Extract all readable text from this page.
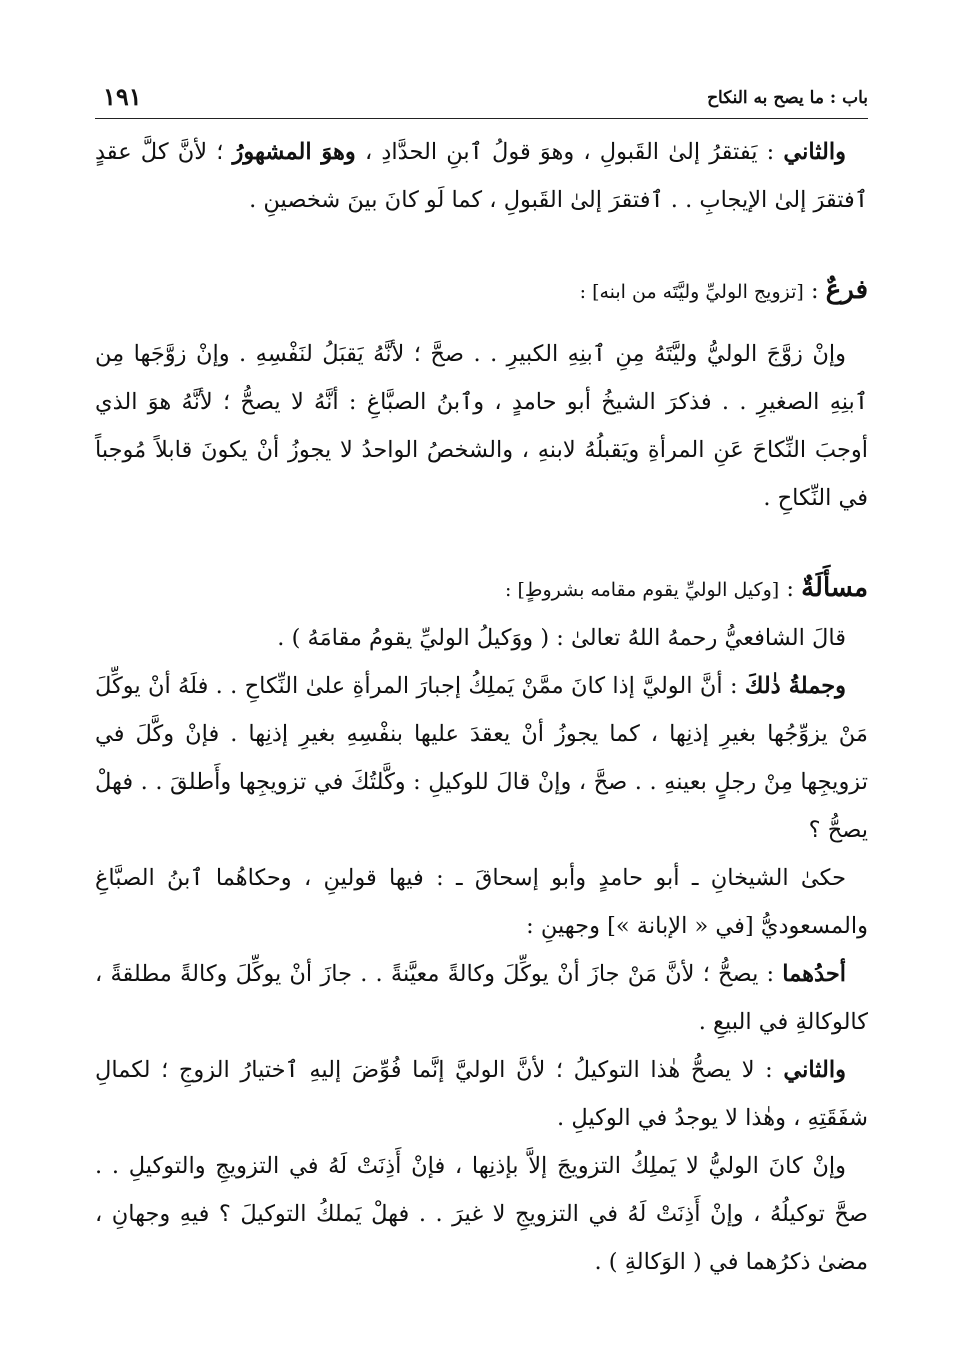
باب : ما يصح به النكاح
١٩١

والثاني : يَفتقرُ إلىٰ القَبولِ ، وهوَ قولُ ٱبنِ الحدَّادِ ، وهوَ المشهورُ ؛ لأنَّ كلَّ عقدٍ ٱفتقرَ إلىٰ الإيجابِ . . ٱفتقرَ إلىٰ القَبولِ ، كما لَو كانَ بينَ شخصينِ .

فرعٌ : [تزويج الوليِّ وليَّتَه من ابنه] :

وإنْ زوَّجَ الوليُّ وليَّتَهُ مِنِ ٱبنِهِ الكبيرِ . . صحَّ ؛ لأنَّهُ يَقبَلُ لنَفْسِهِ . وإنْ زوَّجَها مِن ٱبنِهِ الصغيرِ . . فذكرَ الشيخُ أبو حامدٍ ، وٱبنُ الصبَّاغِ : أنَّهُ لا يصحُّ ؛ لأنَّهُ هوَ الذي أوجبَ النِّكاحَ عَنِ المرأةِ ويَقبلُهُ لابنهِ ، والشخصُ الواحدُ لا يجوزُ أنْ يكونَ قابلاً مُوجباً في النِّكاحِ .

مسأَلَةٌ : [وكيل الوليِّ يقوم مقامه بشروطٍ] :

قالَ الشافعيُّ رحمهُ اللهُ تعالىٰ : ( ووَكيلُ الوليِّ يقومُ مقامَهُ ) .

وجملةُ ذٰلكَ : أنَّ الوليَّ إذا كانَ ممَّنْ يَملِكُ إجبارَ المرأةِ علىٰ النِّكاحِ . . فلَهُ أنْ يوكِّلَ مَنْ يزوِّجُها بغيرِ إذنِها ، كما يجوزُ أنْ يعقدَ عليها بنفْسِهِ بغيرِ إذنِها . فإنْ وكَّلَ في تزويجِها مِنْ رجلٍ بعينهِ . . صحَّ ، وإنْ قالَ للوكيلِ : وكَّلتُكَ في تزويجِها وأَطلقَ . . فهلْ يصحُّ ؟

حكىٰ الشيخانِ ـ أبو حامدٍ وأبو إسحاقَ ـ : فيها قولينِ ، وحكاهُما ٱبنُ الصبَّاغِ والمسعوديُّ [في « الإبانة »] وجهينِ :

أحدُهما : يصحُّ ؛ لأنَّ مَنْ جازَ أنْ يوكِّلَ وكالةً معيَّنةً . . جازَ أنْ يوكِّلَ وكالةً مطلقةً ، كالوكالةِ في البيعِ .

والثاني : لا يصحُّ هٰذا التوكيلُ ؛ لأنَّ الوليَّ إنَّما فُوِّضَ إليهِ ٱختيارُ الزوجِ ؛ لكمالِ شفَقَتِهِ ، وهٰذا لا يوجدُ في الوكيلِ .

وإنْ كانَ الوليُّ لا يَملِكُ التزويجَ إلاَّ بإذنِها ، فإنْ أَذِنَتْ لَهُ في التزويجِ والتوكيلِ . . صحَّ توكيلُهُ ، وإنْ أَذِنَتْ لَهُ في التزويجِ لا غيرَ . . فهلْ يَملكُ التوكيلَ ؟ فيهِ وجهانِ ، مضىٰ ذكرُهما في ( الوَكالةِ ) .
